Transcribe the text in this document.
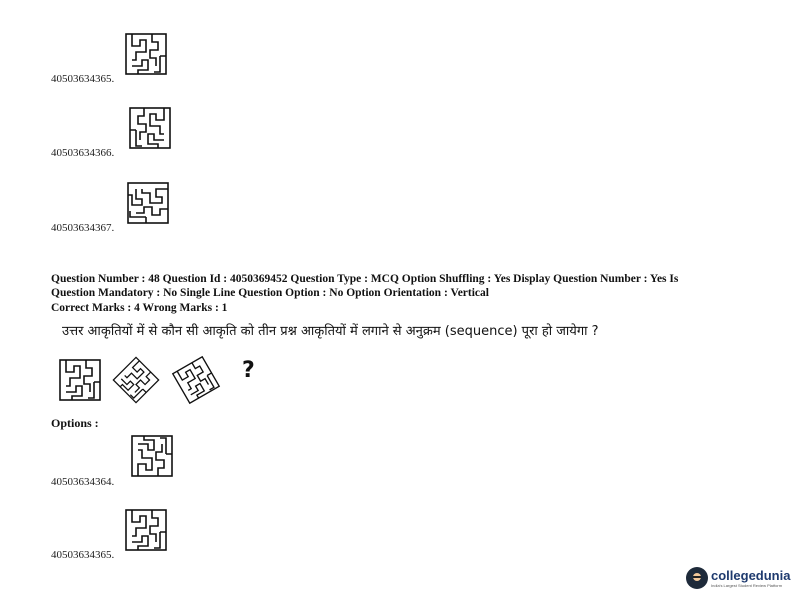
40503634365.
40503634366.
40503634367.
Question Number : 48 Question Id : 4050369452 Question Type : MCQ Option Shuffling : Yes Display Question Number : Yes Is
Question Mandatory : No Single Line Question Option : No Option Orientation : Vertical
Correct Marks : 4 Wrong Marks : 1
उत्तर आकृतियों में से कौन सी आकृति को तीन प्रश्न आकृतियों में लगाने से अनुक्रम (sequence) पूरा हो जायेगा ?
?
Options :
40503634364.
40503634365.
collegedunia
India's Largest Student Review Platform
